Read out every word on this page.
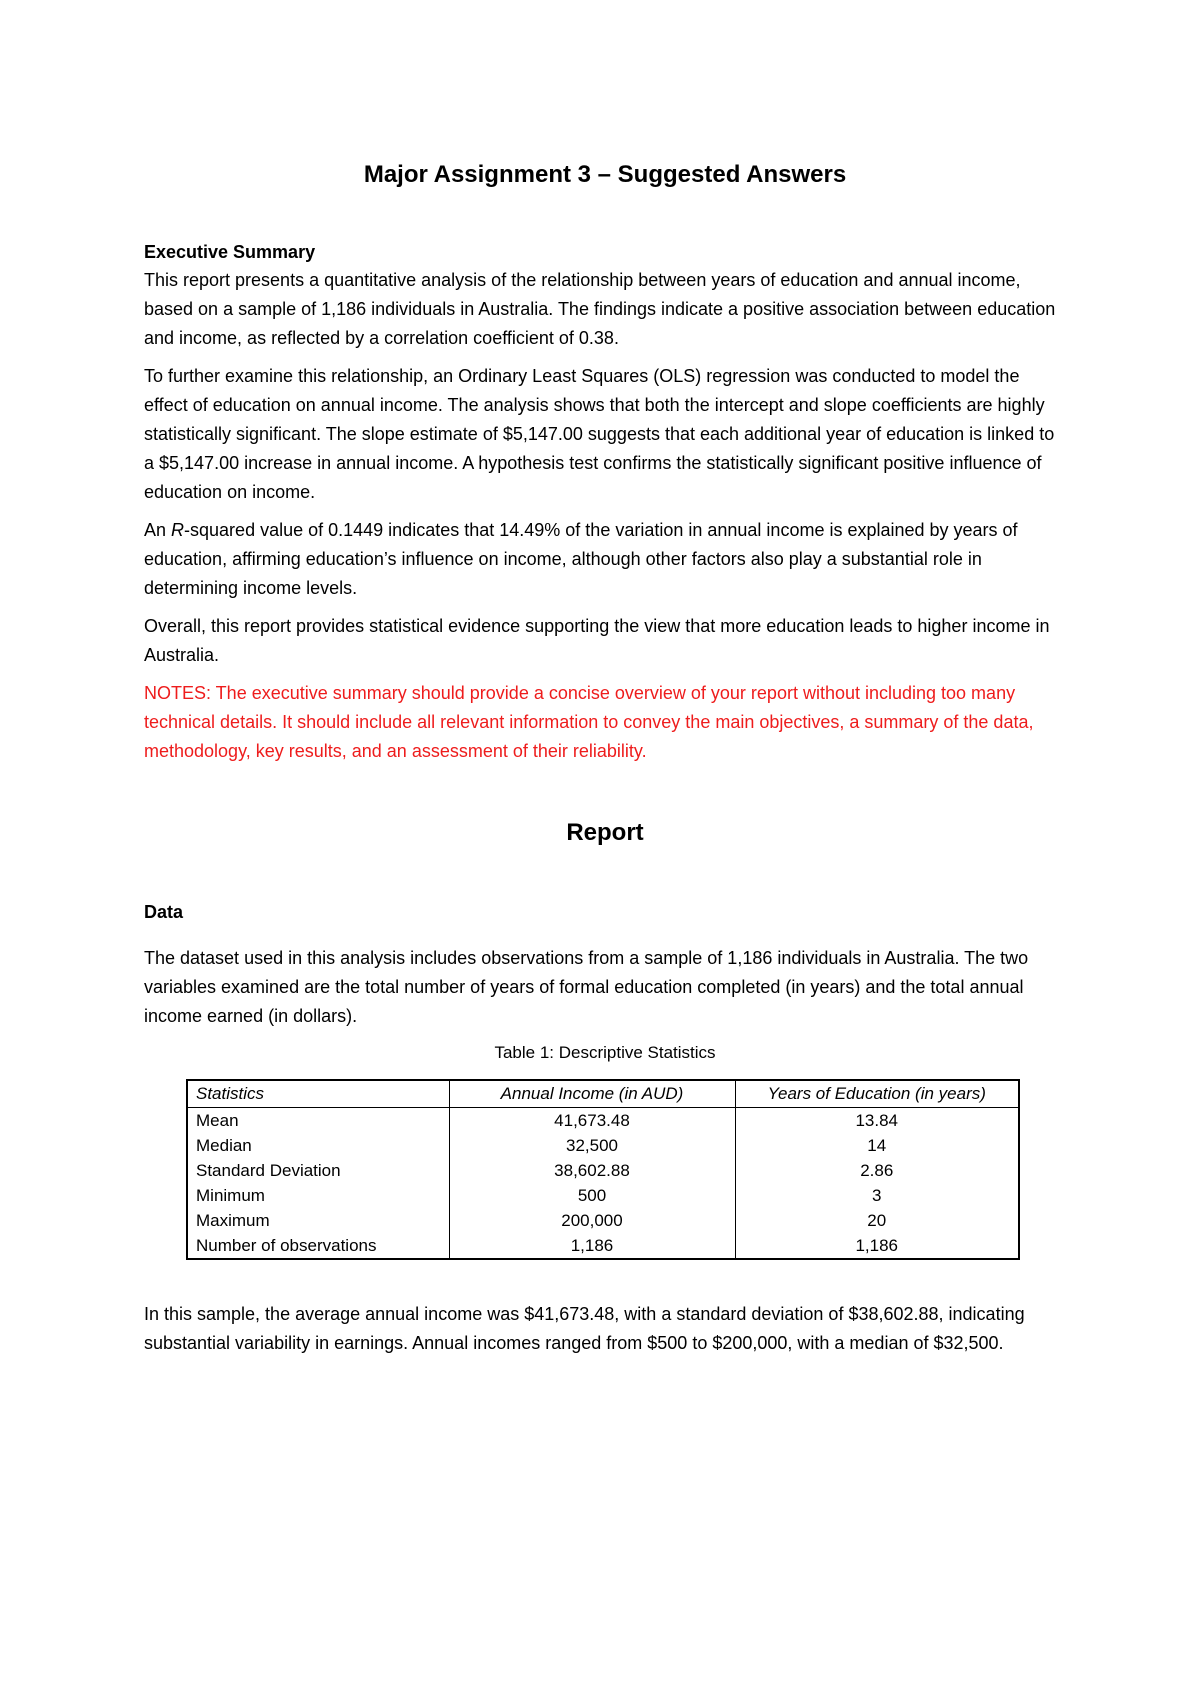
Major Assignment 3 – Suggested Answers
Executive Summary

This report presents a quantitative analysis of the relationship between years of education and annual income, based on a sample of 1,186 individuals in Australia. The findings indicate a positive association between education and income, as reflected by a correlation coefficient of 0.38.

To further examine this relationship, an Ordinary Least Squares (OLS) regression was conducted to model the effect of education on annual income. The analysis shows that both the intercept and slope coefficients are highly statistically significant. The slope estimate of $5,147.00 suggests that each additional year of education is linked to a $5,147.00 increase in annual income. A hypothesis test confirms the statistically significant positive influence of education on income.

An R-squared value of 0.1449 indicates that 14.49% of the variation in annual income is explained by years of education, affirming education’s influence on income, although other factors also play a substantial role in determining income levels.

Overall, this report provides statistical evidence supporting the view that more education leads to higher income in Australia.

NOTES: The executive summary should provide a concise overview of your report without including too many technical details. It should include all relevant information to convey the main objectives, a summary of the data, methodology, key results, and an assessment of their reliability.

Report
Data

The dataset used in this analysis includes observations from a sample of 1,186 individuals in Australia. The two variables examined are the total number of years of formal education completed (in years) and the total annual income earned (in dollars).

Table 1: Descriptive Statistics
Statistics	Annual Income (in AUD)	Years of Education (in years)
Mean	41,673.48	13.84
Median	32,500	14
Standard Deviation	38,602.88	2.86
Minimum	500	3
Maximum	200,000	20
Number of observations	1,186	1,186

In this sample, the average annual income was $41,673.48, with a standard deviation of $38,602.88, indicating substantial variability in earnings. Annual incomes ranged from $500 to $200,000, with a median of $32,500.
